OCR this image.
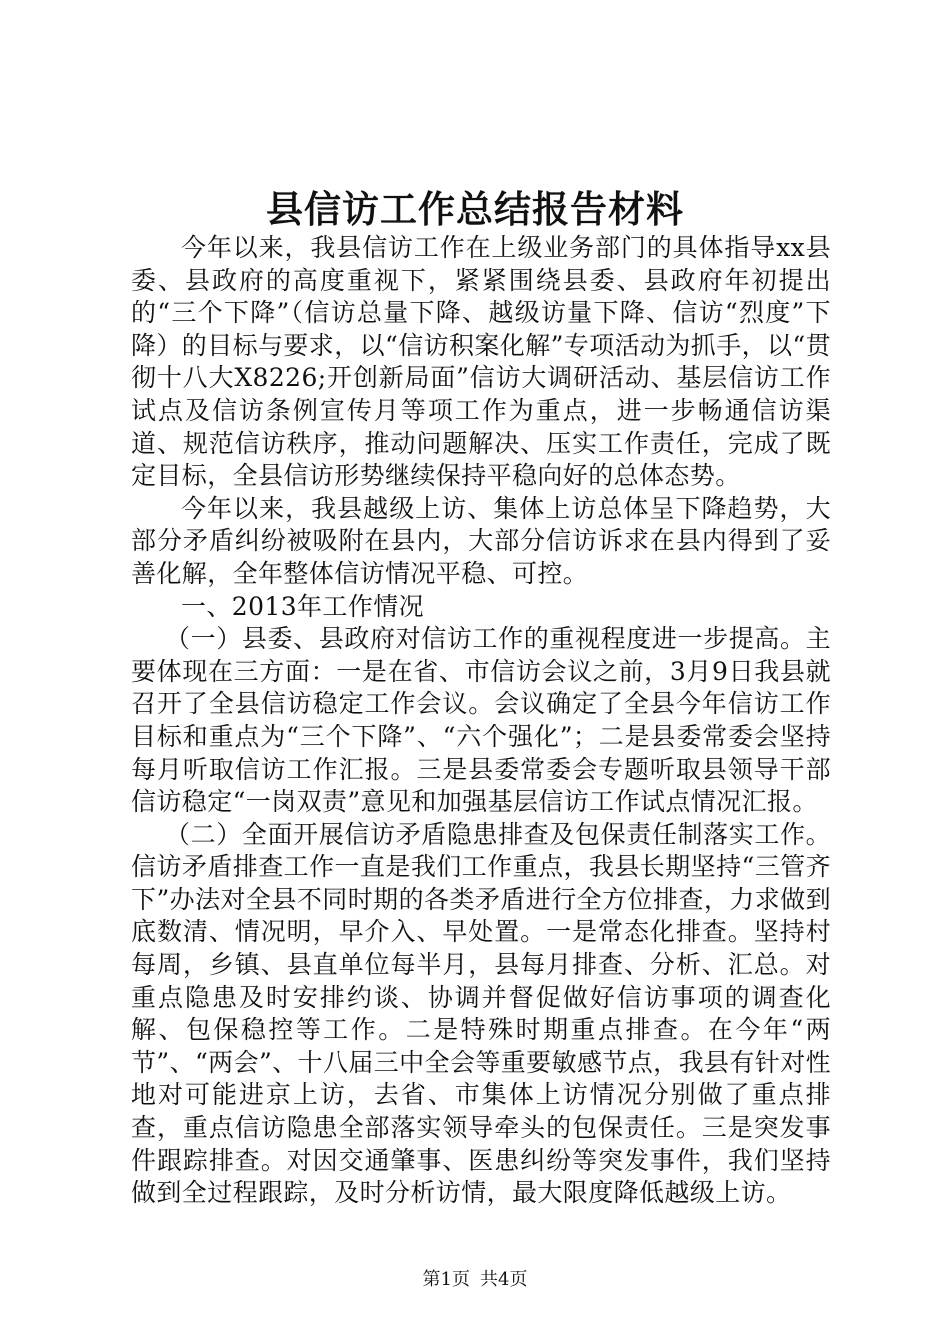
县信访工作总结报告材料

今年以来，我县信访工作在上级业务部门的具体指导xx县委、县政府的高度重视下，紧紧围绕县委、县政府年初提出的“三个下降”（信访总量下降、越级访量下降、信访“烈度”下降）的目标与要求，以“信访积案化解”专项活动为抓手，以“贯彻十八大X8226;开创新局面”信访大调研活动、基层信访工作试点及信访条例宣传月等项工作为重点，进一步畅通信访渠道、规范信访秩序，推动问题解决、压实工作责任，完成了既定目标，全县信访形势继续保持平稳向好的总体态势。

今年以来，我县越级上访、集体上访总体呈下降趋势，大部分矛盾纠纷被吸附在县内，大部分信访诉求在县内得到了妥善化解，全年整体信访情况平稳、可控。

一、2013年工作情况

（一）县委、县政府对信访工作的重视程度进一步提高。主要体现在三方面：一是在省、市信访会议之前，3月9日我县就召开了全县信访稳定工作会议。会议确定了全县今年信访工作目标和重点为“三个下降”、“六个强化”；二是县委常委会坚持每月听取信访工作汇报。三是县委常委会专题听取县领导干部信访稳定“一岗双责”意见和加强基层信访工作试点情况汇报。

（二）全面开展信访矛盾隐患排查及包保责任制落实工作。信访矛盾排查工作一直是我们工作重点，我县长期坚持“三管齐下”办法对全县不同时期的各类矛盾进行全方位排查，力求做到底数清、情况明，早介入、早处置。一是常态化排查。坚持村每周，乡镇、县直单位每半月，县每月排查、分析、汇总。对重点隐患及时安排约谈、协调并督促做好信访事项的调查化解、包保稳控等工作。二是特殊时期重点排查。在今年“两节”、“两会”、十八届三中全会等重要敏感节点，我县有针对性地对可能进京上访，去省、市集体上访情况分别做了重点排查，重点信访隐患全部落实领导牵头的包保责任。三是突发事件跟踪排查。对因交通肇事、医患纠纷等突发事件，我们坚持做到全过程跟踪，及时分析访情，最大限度降低越级上访。

第1页 共4页
